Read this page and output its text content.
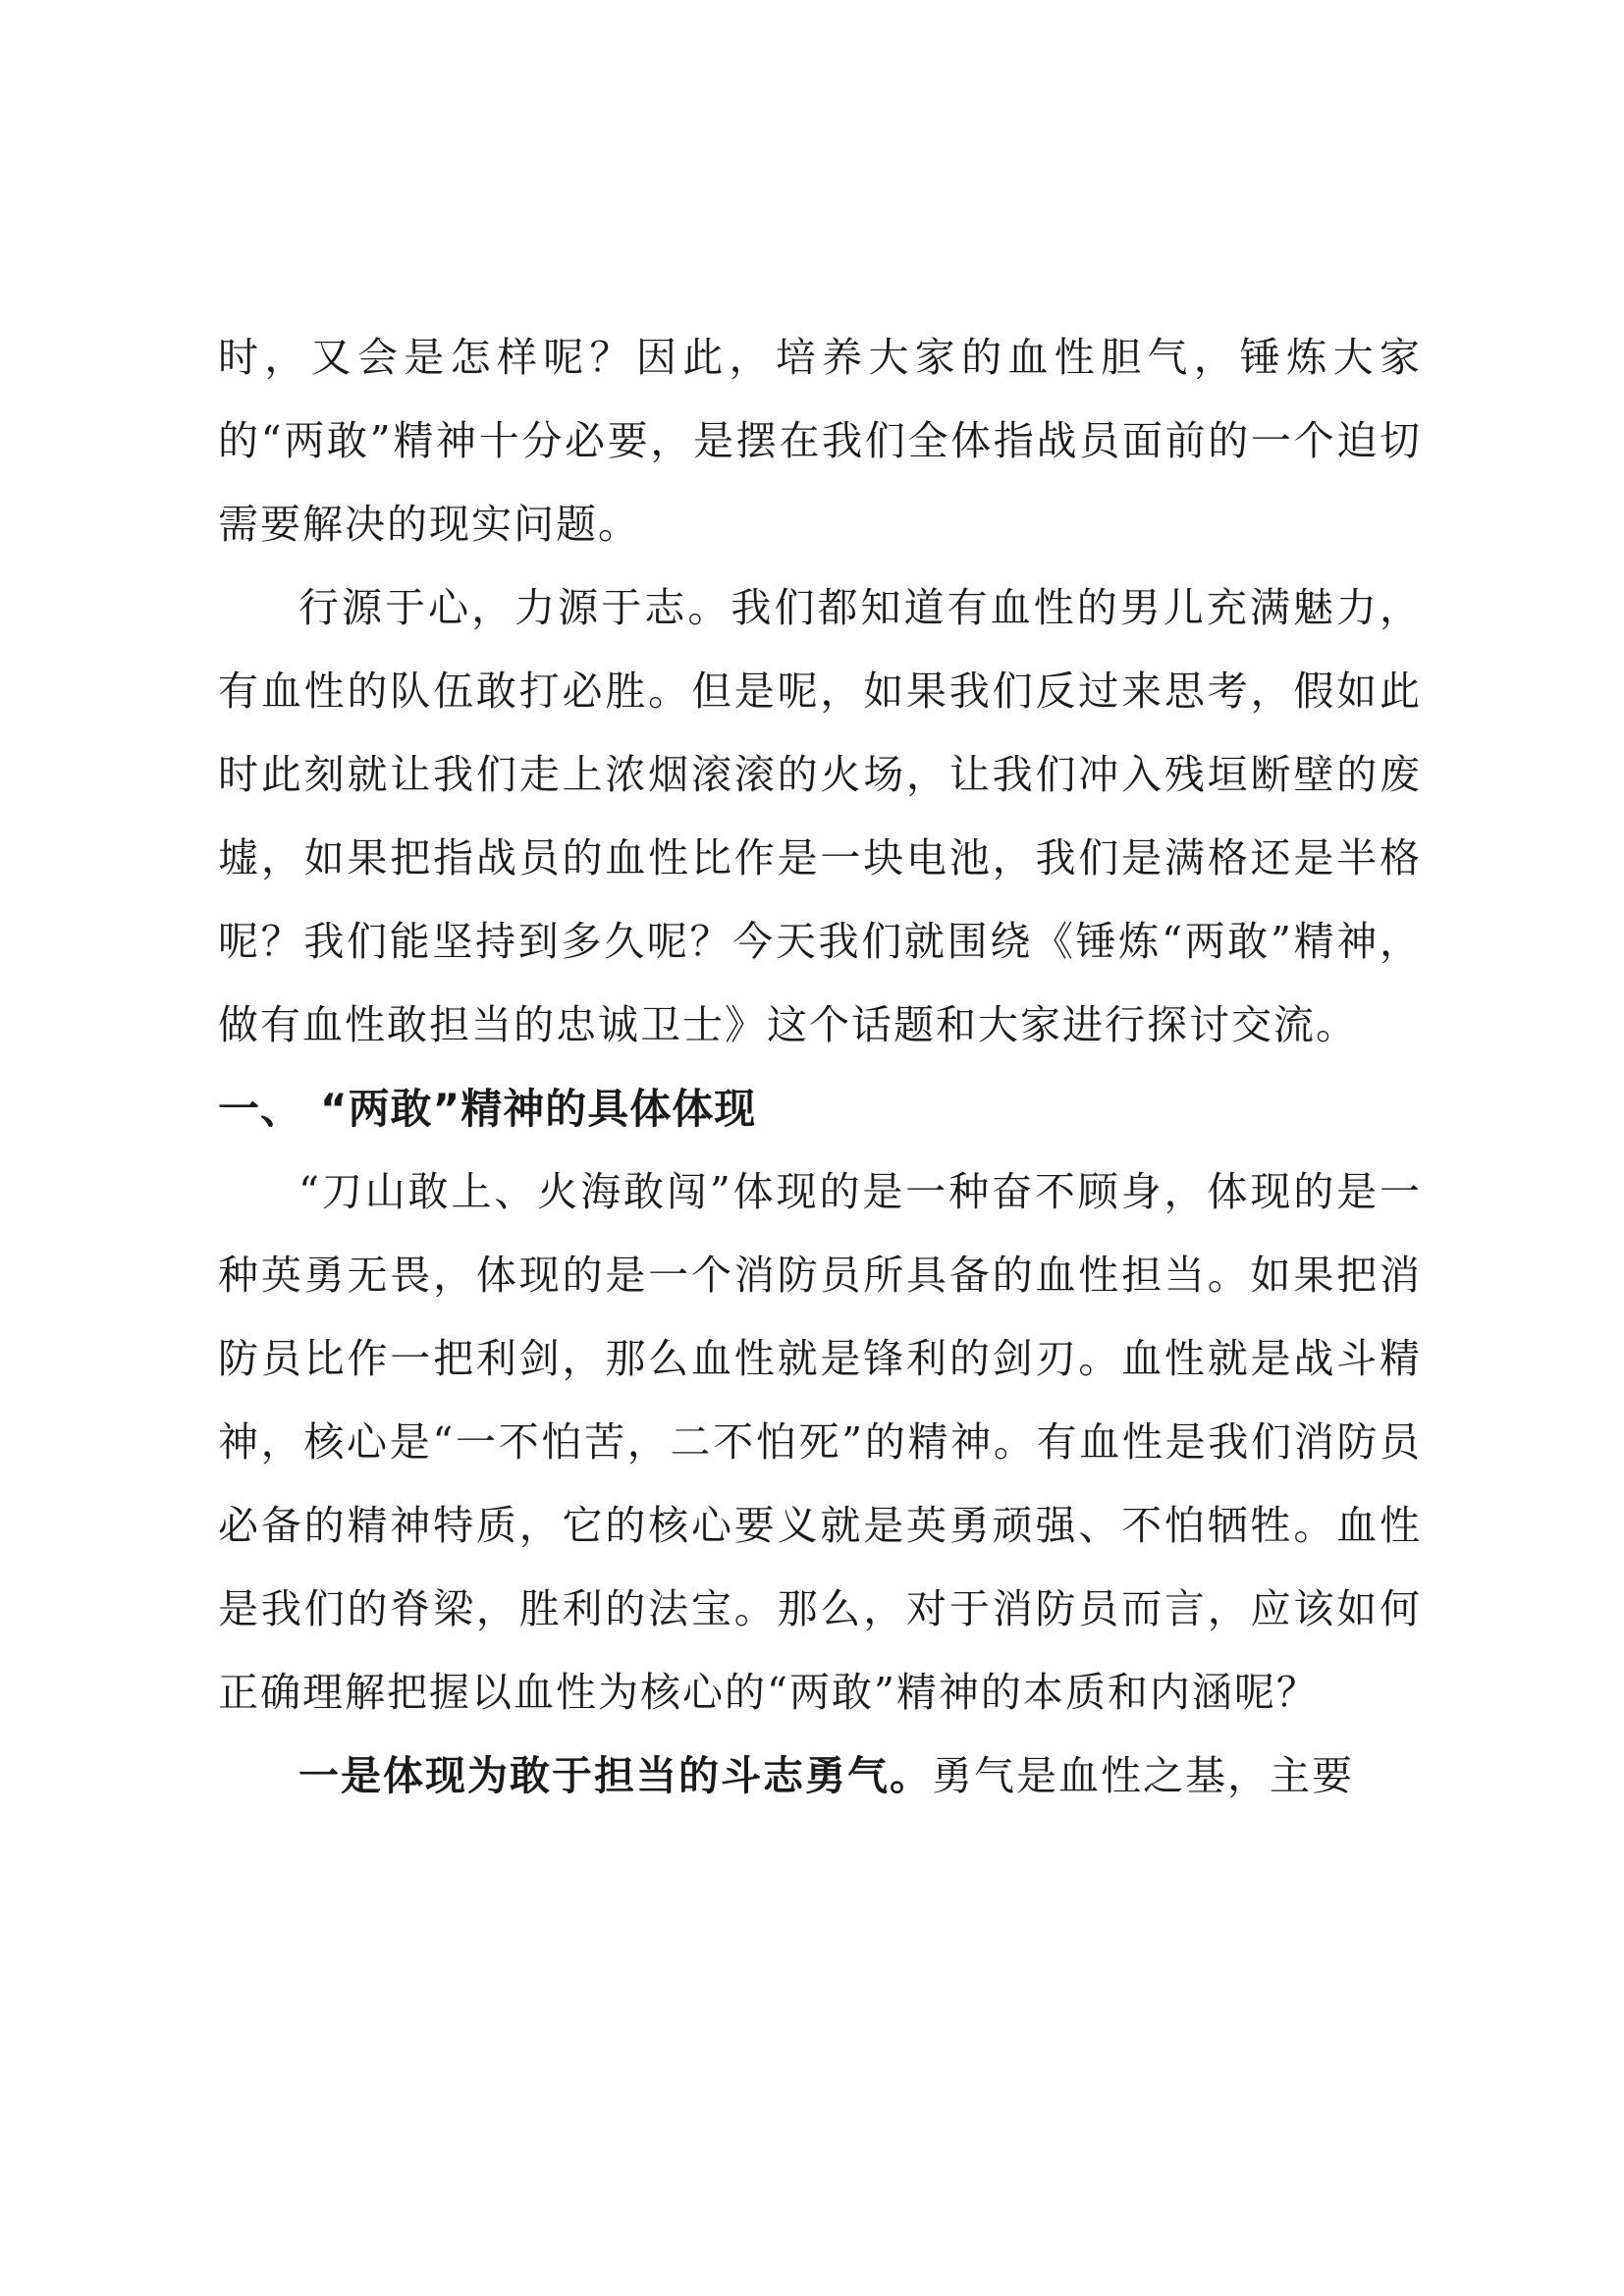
时，又会是怎样呢？因此，培养大家的血性胆气，锤炼大家的“两敢”精神十分必要，是摆在我们全体指战员面前的一个迫切需要解决的现实问题。

行源于心，力源于志。我们都知道有血性的男儿充满魅力，有血性的队伍敢打必胜。但是呢，如果我们反过来思考，假如此时此刻就让我们走上浓烟滚滚的火场，让我们冲入残垣断壁的废墟，如果把指战员的血性比作是一块电池，我们是满格还是半格呢？我们能坚持到多久呢？今天我们就围绕《锤炼“两敢”精神，做有血性敢担当的忠诚卫士》这个话题和大家进行探讨交流。

一、 “两敢”精神的具体体现

“刀山敢上、火海敢闯”体现的是一种奋不顾身，体现的是一种英勇无畏，体现的是一个消防员所具备的血性担当。如果把消防员比作一把利剑，那么血性就是锋利的剑刃。血性就是战斗精神，核心是“一不怕苦，二不怕死”的精神。有血性是我们消防员必备的精神特质，它的核心要义就是英勇顽强、不怕牺牲。血性是我们的脊梁，胜利的法宝。那么，对于消防员而言，应该如何正确理解把握以血性为核心的“两敢”精神的本质和内涵呢？

一是体现为敢于担当的斗志勇气。勇气是血性之基，主要
